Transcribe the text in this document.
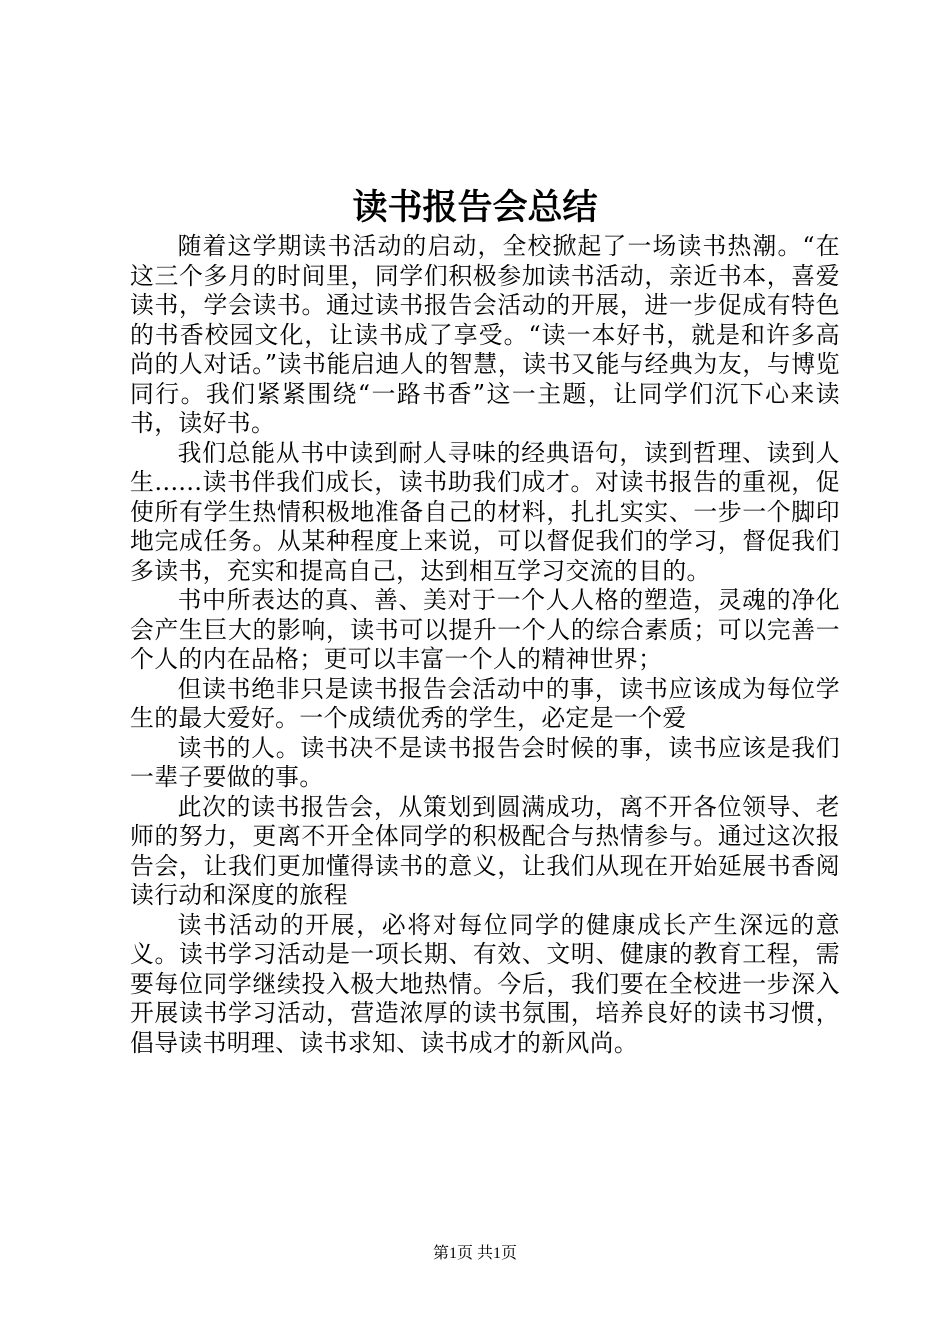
读书报告会总结

随着这学期读书活动的启动，全校掀起了一场读书热潮。“在这三个多月的时间里，同学们积极参加读书活动，亲近书本，喜爱读书，学会读书。通过读书报告会活动的开展，进一步促成有特色的书香校园文化，让读书成了享受。“读一本好书，就是和许多高尚的人对话。”读书能启迪人的智慧，读书又能与经典为友，与博览同行。我们紧紧围绕“一路书香”这一主题，让同学们沉下心来读书，读好书。

我们总能从书中读到耐人寻味的经典语句，读到哲理、读到人生......读书伴我们成长，读书助我们成才。对读书报告的重视，促使所有学生热情积极地准备自己的材料，扎扎实实、一步一个脚印地完成任务。从某种程度上来说，可以督促我们的学习，督促我们多读书，充实和提高自己，达到相互学习交流的目的。

书中所表达的真、善、美对于一个人人格的塑造，灵魂的净化会产生巨大的影响，读书可以提升一个人的综合素质；可以完善一个人的内在品格；更可以丰富一个人的精神世界；

但读书绝非只是读书报告会活动中的事，读书应该成为每位学生的最大爱好。一个成绩优秀的学生，必定是一个爱

读书的人。读书决不是读书报告会时候的事，读书应该是我们一辈子要做的事。

此次的读书报告会，从策划到圆满成功，离不开各位领导、老师的努力，更离不开全体同学的积极配合与热情参与。通过这次报告会，让我们更加懂得读书的意义，让我们从现在开始延展书香阅读行动和深度的旅程

读书活动的开展，必将对每位同学的健康成长产生深远的意义。读书学习活动是一项长期、有效、文明、健康的教育工程，需要每位同学继续投入极大地热情。今后，我们要在全校进一步深入开展读书学习活动，营造浓厚的读书氛围，培养良好的读书习惯，倡导读书明理、读书求知、读书成才的新风尚。

第1页 共1页
